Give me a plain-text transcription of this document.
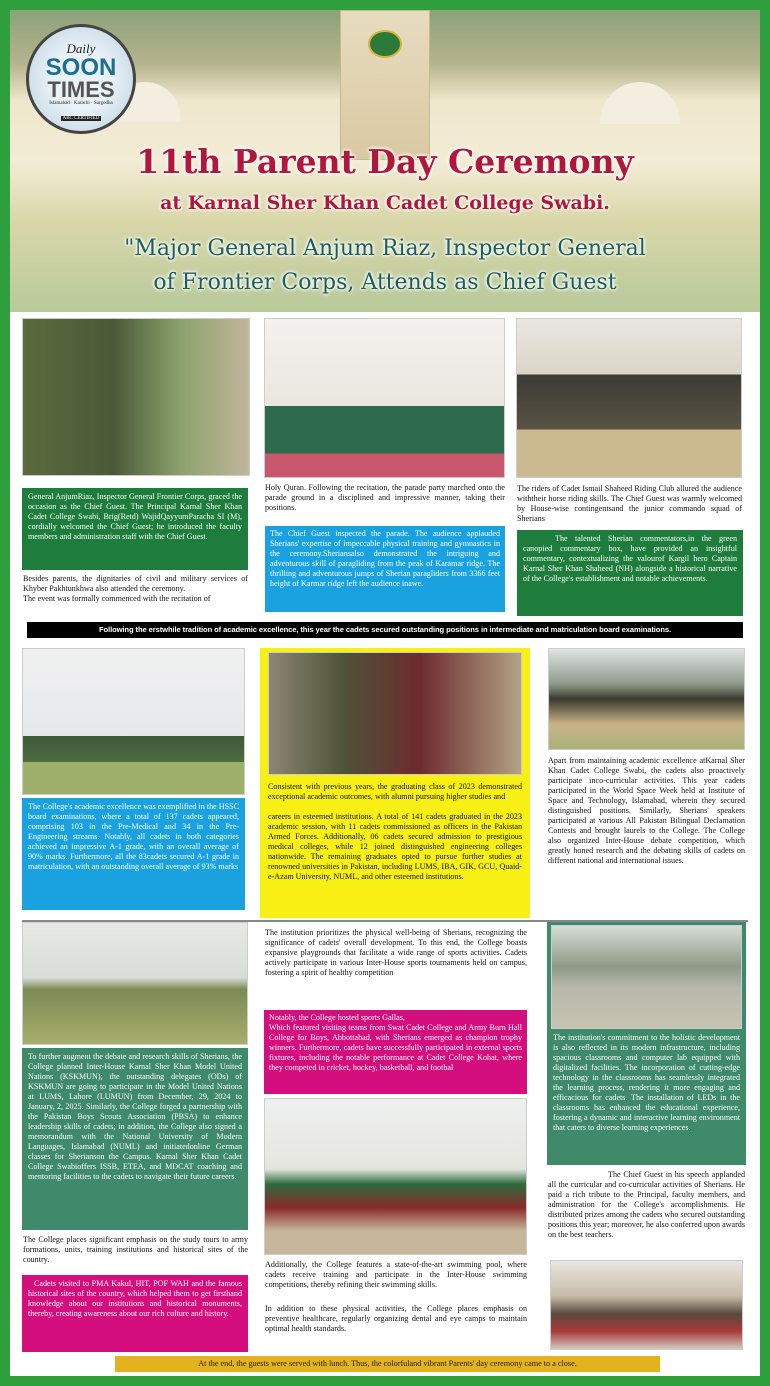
Daily
SOON
TIMES
Islamabad · Karachi · Sargodha
ABC CERTIFIED
11th Parent Day Ceremony
at Karnal Sher Khan Cadet College Swabi.
"Major General Anjum Riaz, Inspector General
of Frontier Corps, Attends as Chief Guest
General AnjumRiaz, Inspector General Frontier Corps, graced the occasion as the Chief Guest. The Principal Karnal Sher Khan Cadet College Swabi, Brig(Retd) WajidQayyumParacha SI (M), cordially welcomed the Chief Guest; he introduced the faculty members and administration staff with the Chief Guest.
Besides parents, the dignitaries of civil and military services of Khyber Pakhtunkhwa also attended the ceremony.
The event was formally commenced with the recitation of
Holy Quran. Following the recitation, the parade party marched onto the parade ground in a disciplined and impressive manner, taking their positions.
The Chief Guest inspected the parade. The audience applauded Sherians' expertise of impeccable physical training and gymnastics in the ceremony.Sheriansalso demonstrated the intriguing and adventurous skill of paragliding from the peak of Karamar ridge. The thrilling and adventurous jumps of Sherian paragliders from 3366 feet height of Karmar ridge left the audience inawe.
The riders of Cadet Ismail Shaheed Riding Club allured the audience withtheir horse riding skills. The Chief Guest was warmly welcomed by House-wise contingentsand the junior commando squad of Sherians
The talented Sherian commentators,in the green canopied commentary box, have provided an insightful commentary, contextualizing the valourof Kargil hero Captain Karnal Sher Khan Shaheed (NH) alongside a historical narrative of the College's establishment and notable achievements.
Following the erstwhile tradition of academic excellence, this year the cadets secured outstanding positions in intermediate and matriculation board examinations.
The College's academic excellence was exemplified in the HSSC board examinations, where a total of 137 cadets appeared, comprising 103 in the Pre-Medical and 34 in the Pre-Engineering streams. Notably, all cadets in both categories achieved an impressive A-1 grade, with an overall average of 90% marks. Furthermore, all the 83cadets secured A-1 grade in matriculation, with an outstanding overall average of 93% marks
Consistent with previous years, the graduating class of 2023 demonstrated exceptional academic outcomes, with alumni pursuing higher studies and
careers in esteemed institutions. A total of 141 cadets graduated in the 2023 academic session, with 11 cadets commissioned as officers in the Pakistan Armed Forces. Additionally, 06 cadets secured admission to prestigious medical colleges, while 12 joined distinguished engineering colleges nationwide. The remaining graduates opted to pursue further studies at renowned universities in Pakistan, including LUMS, IBA, GIK, GCU, Quaid-e-Azam University, NUML, and other esteemed institutions.
Apart from maintaining academic excellence atKarnal Sher Khan Cadet College Swabi, the cadets also proactively participate inco-curricular activities. This year cadets participated in the World Space Week held at Institute of Space and Technology, Islamabad, wherein they secured distinguished positions. Similarly, Sherians' speakers participated at various All Pakistan Bilingual Declamation Contests and brought laurels to the College. The College also organized Inter-House debate competition, which greatly honed research and the debating skills of cadets on different national and international issues.
To further augment the debate and research skills of Sherians, the College planned Inter-House Karnal Sher Khan Model United Nations (KSKMUN); the outstanding delegates (ODs) of KSKMUN are going to participate in the Model United Nations at LUMS, Lahore (LUMUN) from December, 29, 2024 to January, 2, 2025. Similarly, the College forged a partnership with the Pakistan Boys Scouts Association (PBSA) to enhance leadership skills of cadets; in addition, the College also signed a memorandum with the National University of Modern Languages, Islamabad (NUML) and initiatedonline German classes for Sherianson the Campus. Karnal Sher Khan Cadet College Swabioffers ISSB, ETEA, and MDCAT coaching and mentoring facilities to the cadets to navigate their future careers.
The College places significant emphasis on the study tours to army formations, units, training institutions and historical sites of the country.
Cadets visited to PMA Kakul, HIT, POF WAH and the famous historical sites of the country, which helped them to get firsthand knowledge about our institutions and historical monuments, thereby, creating awareness about our rich culture and history.
The institution prioritizes the physical well-being of Sherians, recognizing the significance of cadets' overall development. To this end, the College boasts expansive playgrounds that facilitate a wide range of sports activities. Cadets actively participate in various Inter-House sports tournaments held on campus, fostering a spirit of healthy competition
Notably, the College hosted sports Gallas,
Which featured visiting teams from Swat Cadet College and Army Burn Hall College for Boys, Abbottabad, with Sherians emerged as champion trophy winners. Furthermore, cadets have successfully participated in external sports fixtures, including the notable performance at Cadet College Kohat, where they competed in cricket, hockey, basketball, and footbal
Additionally, the College features a state-of-the-art swimming pool, where cadets receive training and participate in the Inter-House swimming competitions, thereby refining their swimming skills.
In addition to these physical activities, the College places emphasis on preventive healthcare, regularly organizing dental and eye camps to maintain optimal health standards.
The institution's commitment to the holistic development is also reflected in its modern infrastructure, including spacious classrooms and computer lab equipped with digitalized facilities. The incorporation of cutting-edge technology in the classrooms has seamlessly integrated the learning process, rendering it more engaging and efficacious for cadets. The installation of LEDs in the classrooms has enhanced the educational experience, fostering a dynamic and interactive learning environment that caters to diverse learning experiences.
The Chief Guest in his speech applanded all the curricular and co-curricular activities of Sherians. He paid a rich tribute to the Principal, faculty members, and administration for the College's accomplishments. He distributed prizes among the cadets who secured outstanding positions this year; moreover, he also conferred upon awards on the best teachers.
At the end, the guests were served with lunch. Thus, the colorfuland vibrant Parents' day ceremony came to a close.
